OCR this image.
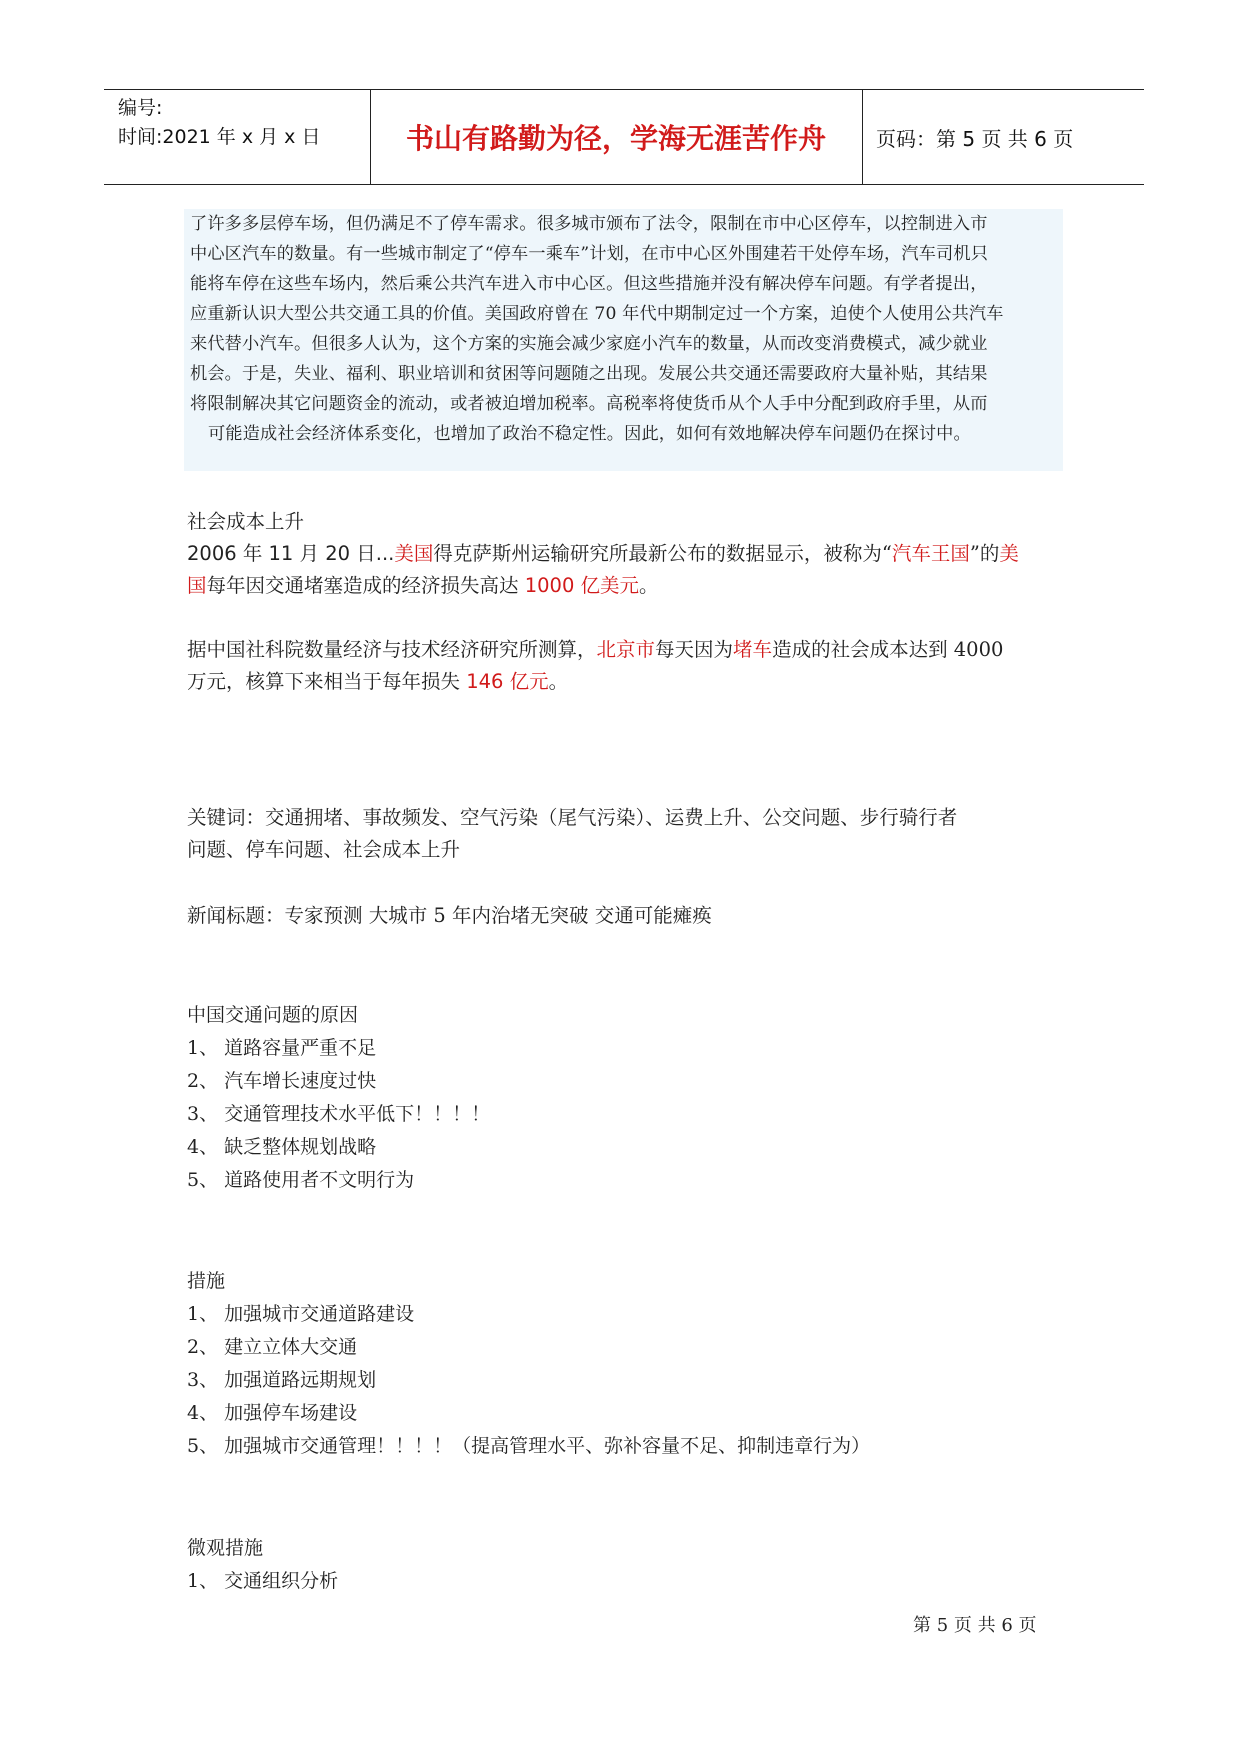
编号:
时间:2021 年 x 月 x 日	书山有路勤为径，学海无涯苦作舟	页码：第 5 页 共 6 页

了许多多层停车场，但仍满足不了停车需求。很多城市颁布了法令，限制在市中心区停车，以控制进入市

中心区汽车的数量。有一些城市制定了“停车一乘车”计划，在市中心区外围建若干处停车场，汽车司机只

能将车停在这些车场内，然后乘公共汽车进入市中心区。但这些措施并没有解决停车问题。有学者提出，

应重新认识大型公共交通工具的价值。美国政府曾在 70 年代中期制定过一个方案，迫使个人使用公共汽车

来代替小汽车。但很多人认为，这个方案的实施会减少家庭小汽车的数量，从而改变消费模式，减少就业

机会。于是，失业、福利、职业培训和贫困等问题随之出现。发展公共交通还需要政府大量补贴，其结果

将限制解决其它问题资金的流动，或者被迫增加税率。高税率将使货币从个人手中分配到政府手里，从而

可能造成社会经济体系变化，也增加了政治不稳定性。因此，如何有效地解决停车问题仍在探讨中。

社会成本上升
2006 年 11 月 20 日...美国得克萨斯州运输研究所最新公布的数据显示，被称为“汽车王国”的美
国每年因交通堵塞造成的经济损失高达 1000 亿美元。
据中国社科院数量经济与技术经济研究所测算，北京市每天因为堵车造成的社会成本达到 4000
万元，核算下来相当于每年损失 146 亿元。
关键词：交通拥堵、事故频发、空气污染（尾气污染）、运费上升、公交问题、步行骑行者
问题、停车问题、社会成本上升
新闻标题：专家预测 大城市 5 年内治堵无突破 交通可能瘫痪
中国交通问题的原因
1、 道路容量严重不足
2、 汽车增长速度过快
3、 交通管理技术水平低下！！！！
4、 缺乏整体规划战略
5、 道路使用者不文明行为
措施
1、 加强城市交通道路建设
2、 建立立体大交通
3、 加强道路远期规划
4、 加强停车场建设
5、 加强城市交通管理！！！！（提高管理水平、弥补容量不足、抑制违章行为）
微观措施
1、 交通组织分析
第 5 页 共 6 页
